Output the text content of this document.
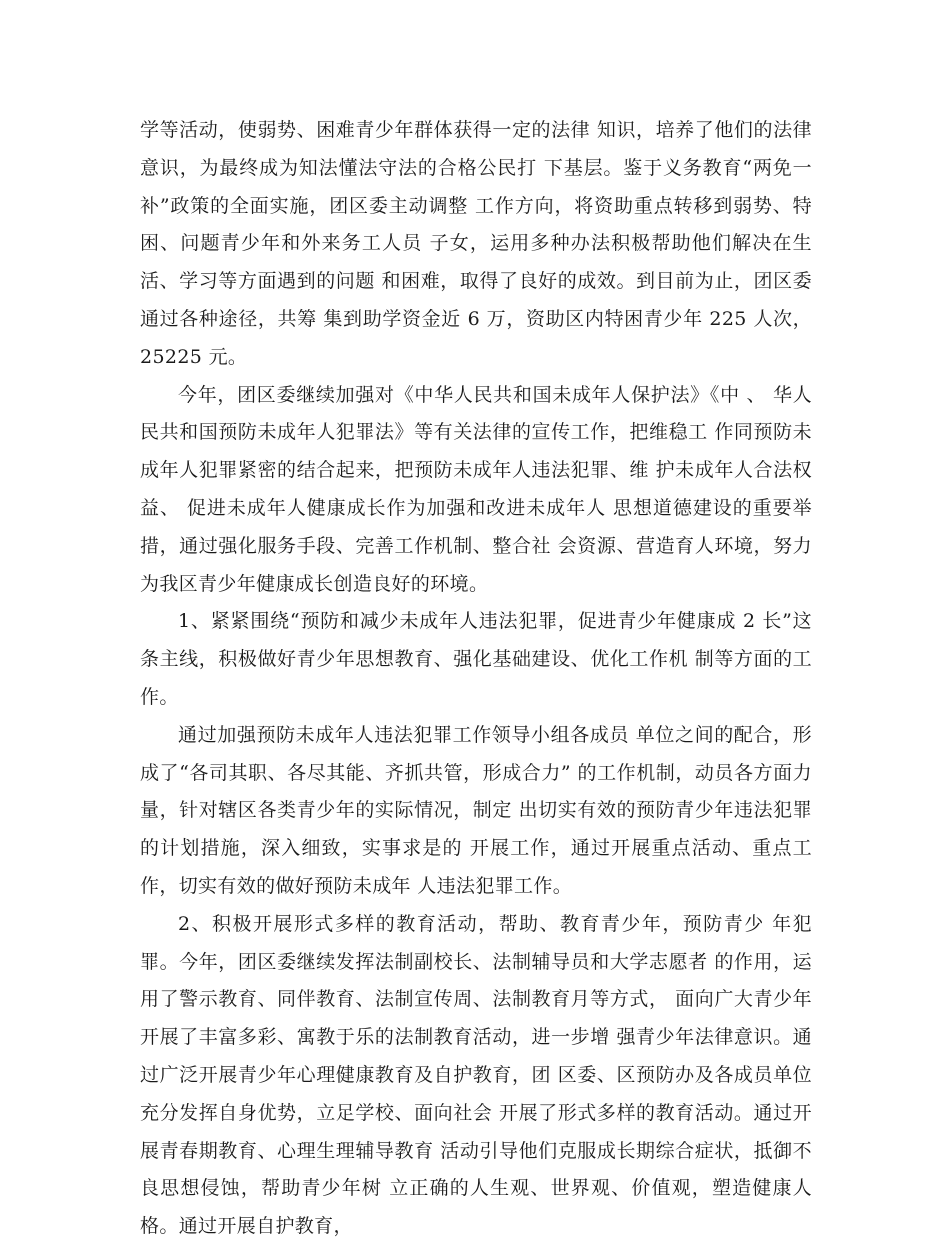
学等活动，使弱势、困难青少年群体获得一定的法律 知识，培养了他们的法律意识，为最终成为知法懂法守法的合格公民打 下基层。鉴于义务教育“两免一补”政策的全面实施，团区委主动调整 工作方向，将资助重点转移到弱势、特困、问题青少年和外来务工人员 子女，运用多种办法积极帮助他们解决在生活、学习等方面遇到的问题 和困难，取得了良好的成效。到目前为止，团区委通过各种途径，共筹 集到助学资金近 6 万，资助区内特困青少年 225 人次，25225 元。

今年，团区委继续加强对《中华人民共和国未成年人保护法》《中 、 华人民共和国预防未成年人犯罪法》等有关法律的宣传工作，把维稳工 作同预防未成年人犯罪紧密的结合起来，把预防未成年人违法犯罪、维 护未成年人合法权益、 促进未成年人健康成长作为加强和改进未成年人 思想道德建设的重要举措，通过强化服务手段、完善工作机制、整合社 会资源、营造育人环境，努力为我区青少年健康成长创造良好的环境。

1、紧紧围绕“预防和减少未成年人违法犯罪，促进青少年健康成 2 长”这条主线，积极做好青少年思想教育、强化基础建设、优化工作机 制等方面的工作。

通过加强预防未成年人违法犯罪工作领导小组各成员 单位之间的配合，形成了“各司其职、各尽其能、齐抓共管，形成合力” 的工作机制，动员各方面力量，针对辖区各类青少年的实际情况，制定 出切实有效的预防青少年违法犯罪的计划措施，深入细致，实事求是的 开展工作，通过开展重点活动、重点工作，切实有效的做好预防未成年 人违法犯罪工作。

2、积极开展形式多样的教育活动，帮助、教育青少年，预防青少 年犯罪。今年，团区委继续发挥法制副校长、法制辅导员和大学志愿者 的作用，运用了警示教育、同伴教育、法制宣传周、法制教育月等方式， 面向广大青少年开展了丰富多彩、寓教于乐的法制教育活动，进一步增 强青少年法律意识。通过广泛开展青少年心理健康教育及自护教育，团 区委、区预防办及各成员单位充分发挥自身优势，立足学校、面向社会 开展了形式多样的教育活动。通过开展青春期教育、心理生理辅导教育 活动引导他们克服成长期综合症状，抵御不良思想侵蚀，帮助青少年树 立正确的人生观、世界观、价值观，塑造健康人格。通过开展自护教育，
